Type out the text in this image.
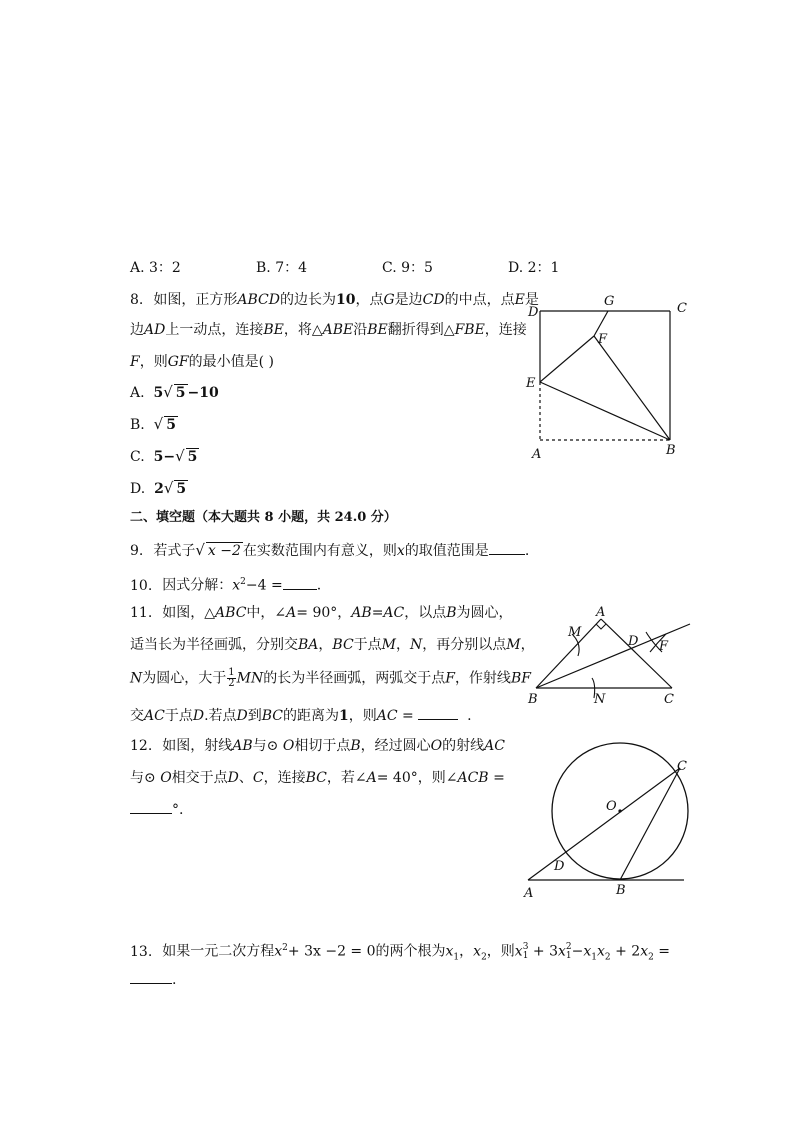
A. 3：2	B. 7：4	C. 9：5	D. 2：1
8. 如图，正方形ABCD的边长为10，点G是边CD的中点，点E是
边AD上一动点，连接BE，将△ABE沿BE翻折得到△FBE，连接
F，则GF的最小值是( )
A. 5√ 5 −10
B. √ 5
C. 5−√ 5
D. 2√ 5
D
G	C
F
E
A	B
二、填空题（本大题共 8 小题，共 24.0 分）
9. 若式子√ x −2 在实数范围内有意义，则x的取值范围是	.
10. 因式分解：$x^2-4$ = .
11. 如图，△ABC中，∠A= 90°，AB=AC，以点B为圆心，
适当长为半径画弧，分别交BA，BC于点M，N，再分别以点M，
N为圆心，大于 $\frac{1}{2}$ MN的长为半径画弧，两弧交于点F，作射线BF
交AC于点D.若点D到BC的距离为1，则AC =	.
A
M
D F
B	N	C
12. 如图，射线AB与⊙ O相切于点B，经过圆心O的射线AC
与⊙ O相交于点D、C，连接BC，若∠A= 40°，则∠ACB =
°.
C
O
D
A	B
13. 如果一元二次方程$x^2+ 3x -2 = 0$的两个根为$x_1$，$x_2$，则x 3
1 + 3x 2
$1 -x_1x_2 + 2x_2$ =
.
